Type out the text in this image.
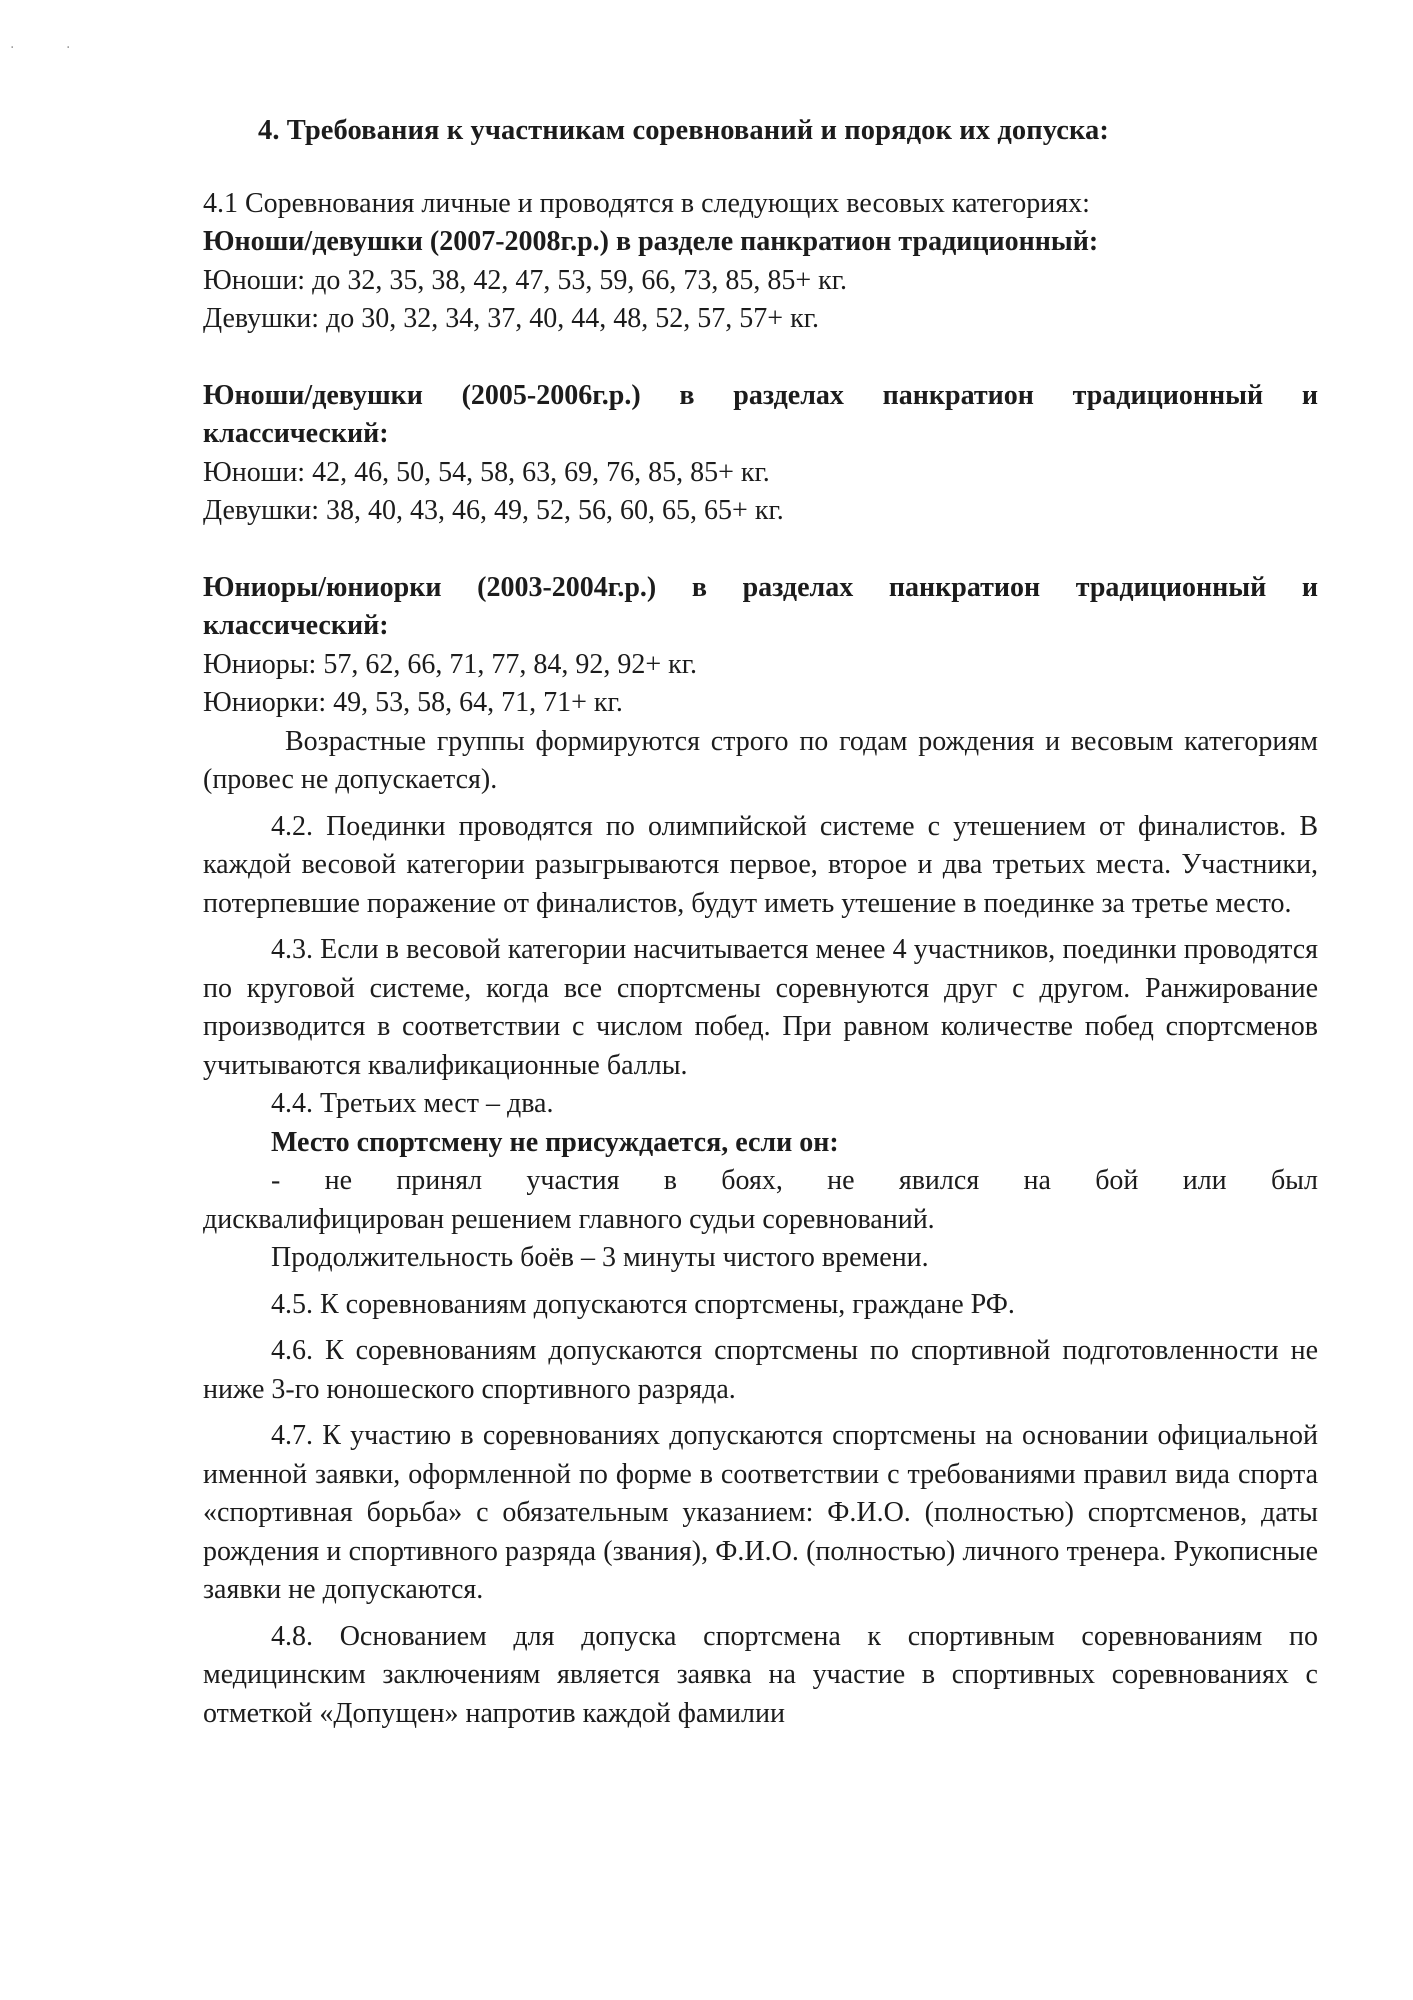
·	·
4. Требования к участникам соревнований и порядок их допуска:

4.1 Соревнования личные и проводятся в следующих весовых категориях:

Юноши/девушки (2007-2008г.р.) в разделе панкратион традиционный:

Юноши: до 32, 35, 38, 42, 47, 53, 59, 66, 73, 85, 85+ кг.

Девушки: до 30, 32, 34, 37, 40, 44, 48, 52, 57, 57+ кг.

Юноши/девушки (2005-2006г.р.) в разделах панкратион традиционный и классический:

Юноши: 42, 46, 50, 54, 58, 63, 69, 76, 85, 85+ кг.

Девушки: 38, 40, 43, 46, 49, 52, 56, 60, 65, 65+ кг.

Юниоры/юниорки (2003-2004г.р.) в разделах панкратион традиционный и классический:

Юниоры: 57, 62, 66, 71, 77, 84, 92, 92+ кг.

Юниорки: 49, 53, 58, 64, 71, 71+ кг.

Возрастные группы формируются строго по годам рождения и весовым категориям (провес не допускается).

4.2. Поединки проводятся по олимпийской системе с утешением от финалистов. В каждой весовой категории разыгрываются первое, второе и два третьих места. Участники, потерпевшие поражение от финалистов, будут иметь утешение в поединке за третье место.

4.3. Если в весовой категории насчитывается менее 4 участников, поединки проводятся по круговой системе, когда все спортсмены соревнуются друг с другом. Ранжирование производится в соответствии с числом побед. При равном количестве побед спортсменов учитываются квалификационные баллы.

4.4. Третьих мест – два.

Место спортсмену не присуждается, если он:

- не принял участия в боях, не явился на бой или был

дисквалифицирован решением главного судьи соревнований.

Продолжительность боёв – 3 минуты чистого времени.

4.5. К соревнованиям допускаются спортсмены, граждане РФ.

4.6. К соревнованиям допускаются спортсмены по спортивной подготовленности не ниже 3-го юношеского спортивного разряда.

4.7. К участию в соревнованиях допускаются спортсмены на основании официальной именной заявки, оформленной по форме в соответствии с требованиями правил вида спорта «спортивная борьба» с обязательным указанием: Ф.И.О. (полностью) спортсменов, даты рождения и спортивного разряда (звания), Ф.И.О. (полностью) личного тренера. Рукописные заявки не допускаются.

4.8. Основанием для допуска спортсмена к спортивным соревнованиям по медицинским заключениям является заявка на участие в спортивных соревнованиях с отметкой «Допущен» напротив каждой фамилии
